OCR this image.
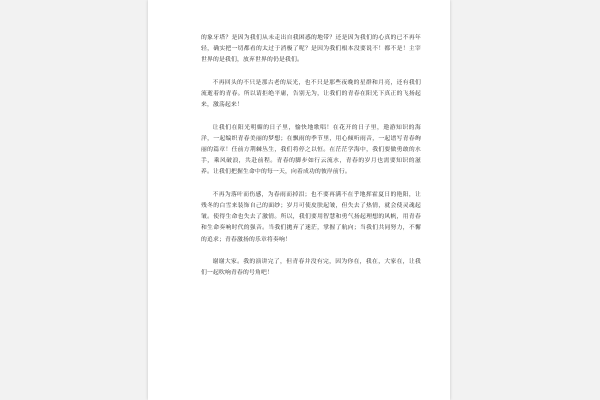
的象牙塔？是因为我们从未走出自我困惑的地带？还是因为我们的心真的已不再年轻，确实把一切都看的太过于消极了呢？是因为我们根本没要说不！都不是！主宰世界的是我们，放弃世界的仍是我们。

不再回头的不只是那古老的辰光，也不只是那些夜晚的星群和月亮，还有我们流逝着的青春。所以请拒绝平庸，告别无为，让我们的青春在阳光下真正的飞扬起来，激荡起来！

让我们在阳光明媚的日子里，愉快地歌唱！在花开的日子里，遨游知识的海洋，一起编织青春美丽的梦想；在飘雨的季节里，用心倾听雨音，一起谱写青春绚丽的篇章！任前方荆棘丛生，我们将停之以恒。在茫茫学海中，我们要做勇敢的水手，乘风破浪，共赴前程。青春的脚步如行云流水，青春的岁月也需要知识的滋养。让我们把握生命中的每一天，向着成功的彼岸前行。

不再为落叶而伤感，为春雨而掉泪；也不要再满不在乎地挥霍夏日的艳阳，让残冬的白雪来装饰自己的面纱；岁月可使皮肤起皱，但失去了热情，就会使灵魂起皱。使得生命也失去了激情。所以，我们要用智慧和勇气扬起理想的风帆，用青春和生命奏响时代的强音。当我们拋弃了迷茫，掌握了航向；当我们共同努力，不懈的追求；青春激扬的乐章将奏响！

谢谢大家。我的演讲完了，但青春并没有完，因为你在，我在，大家在，让我们一起吹响青春的号角吧！
